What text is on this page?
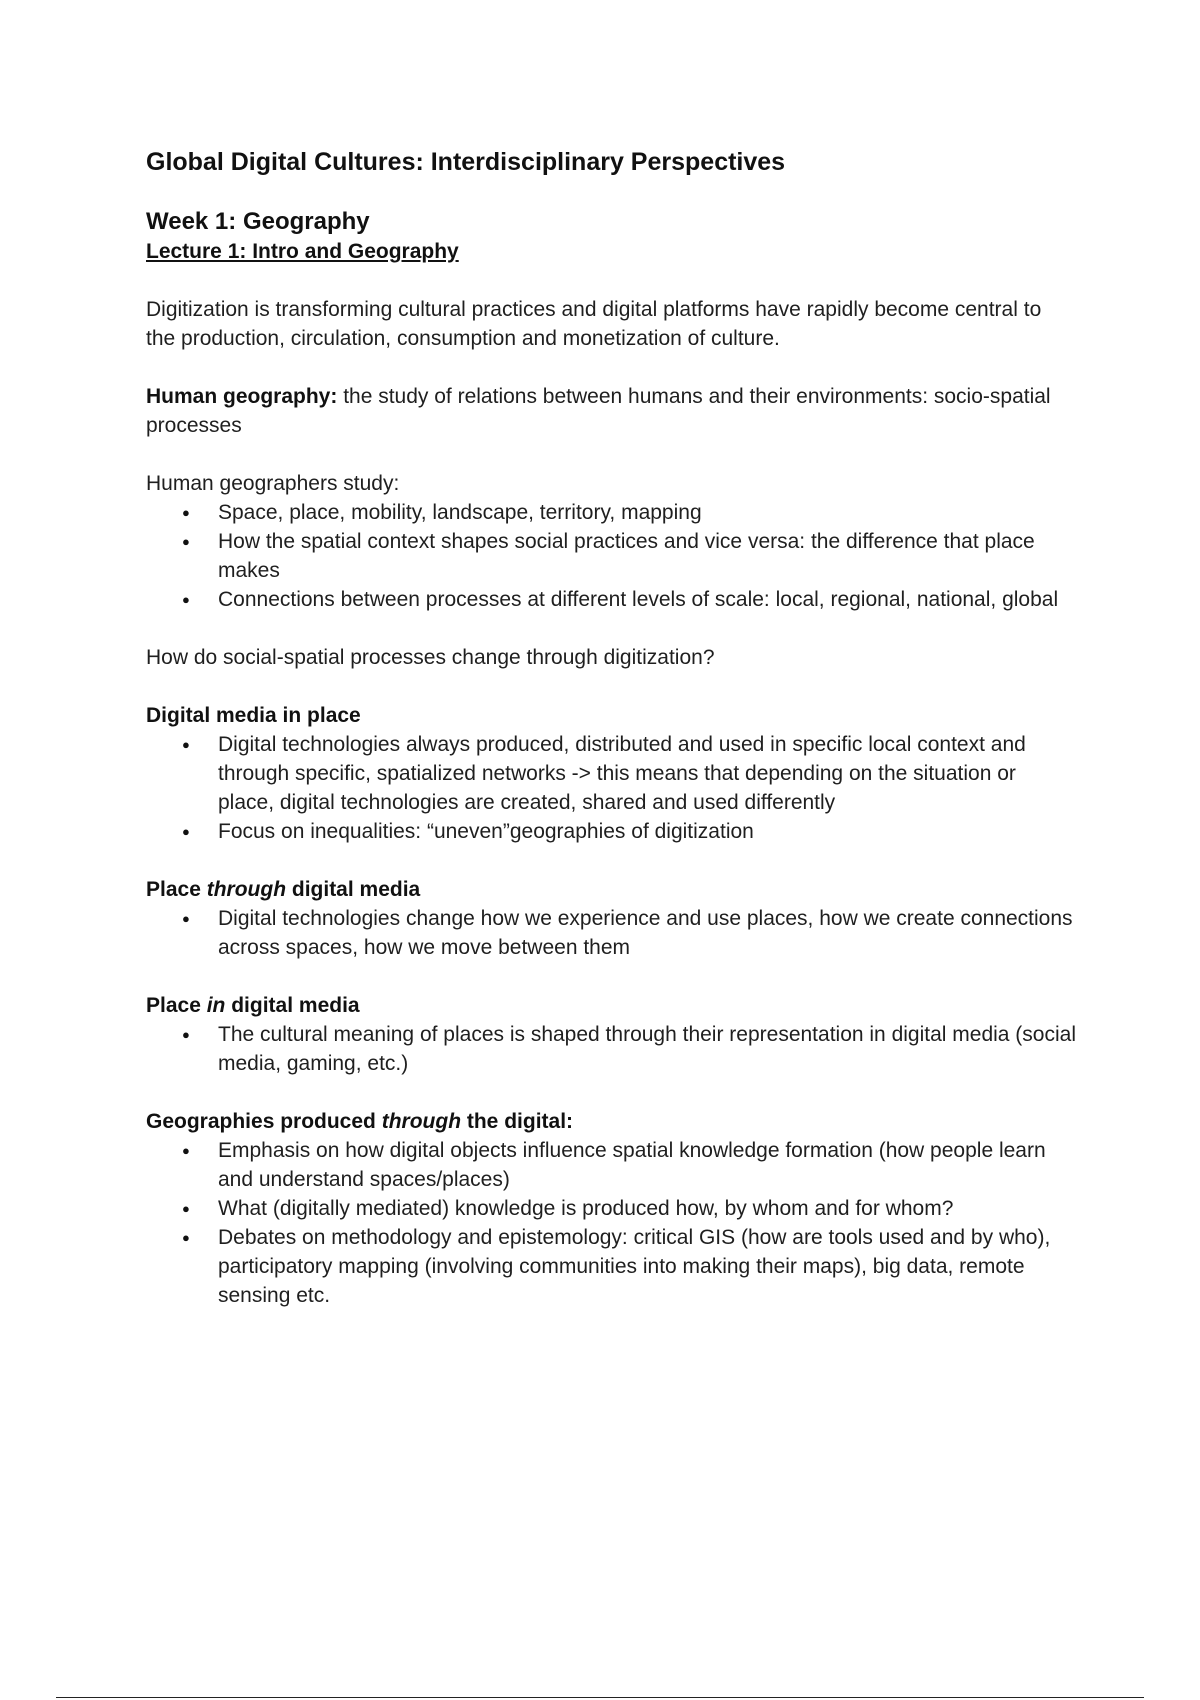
Global Digital Cultures: Interdisciplinary Perspectives
Week 1: Geography
Lecture 1: Intro and Geography

Digitization is transforming cultural practices and digital platforms have rapidly become central to the production, circulation, consumption and monetization of culture.

Human geography: the study of relations between humans and their environments: socio-spatial processes

Human geographers study:
● Space, place, mobility, landscape, territory, mapping
● How the spatial context shapes social practices and vice versa: the difference that place makes
● Connections between processes at different levels of scale: local, regional, national, global

How do social-spatial processes change through digitization?

Digital media in place
● Digital technologies always produced, distributed and used in specific local context and through specific, spatialized networks -> this means that depending on the situation or place, digital technologies are created, shared and used differently
● Focus on inequalities: “uneven”geographies of digitization
Place through digital media
● Digital technologies change how we experience and use places, how we create connections across spaces, how we move between them
Place in digital media
● The cultural meaning of places is shaped through their representation in digital media (social media, gaming, etc.)
Geographies produced through the digital:
● Emphasis on how digital objects influence spatial knowledge formation (how people learn and understand spaces/places)
● What (digitally mediated) knowledge is produced how, by whom and for whom?
● Debates on methodology and epistemology: critical GIS (how are tools used and by who), participatory mapping (involving communities into making their maps), big data, remote sensing etc.
